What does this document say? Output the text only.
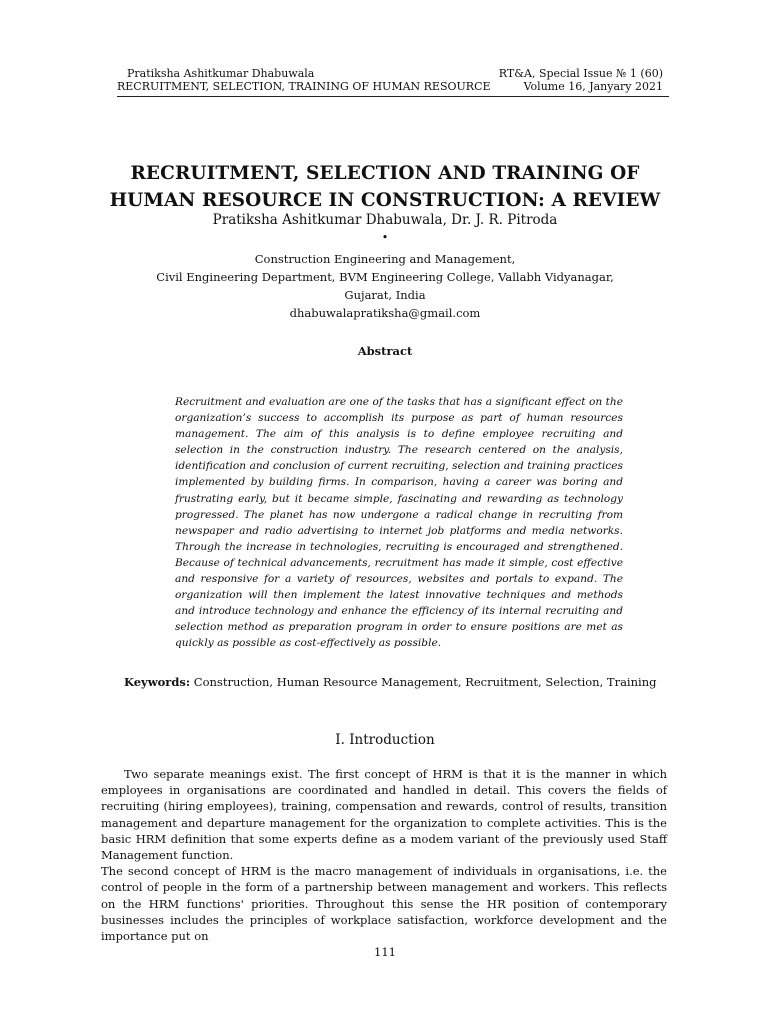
Pratiksha Ashitkumar Dhabuwala
RECRUITMENT, SELECTION, TRAINING OF HUMAN RESOURCE
RT&A, Special Issue № 1 (60)
Volume 16, Janyary 2021
RECRUITMENT, SELECTION AND TRAINING OF
HUMAN RESOURCE IN CONSTRUCTION: A REVIEW
Pratiksha Ashitkumar Dhabuwala, Dr. J. R. Pitroda
•
Construction Engineering and Management,
Civil Engineering Department, BVM Engineering College, Vallabh Vidyanagar,
Gujarat, India
dhabuwalapratiksha@gmail.com
Abstract
Recruitment and evaluation are one of the tasks that has a significant effect on the organization’s success to accomplish its purpose as part of human resources management. The aim of this analysis is to define employee recruiting and selection in the construction industry. The research centered on the analysis, identification and conclusion of current recruiting, selection and training practices implemented by building firms. In comparison, having a career was boring and frustrating early, but it became simple, fascinating and rewarding as technology progressed. The planet has now undergone a radical change in recruiting from newspaper and radio advertising to internet job platforms and media networks. Through the increase in technologies, recruiting is encouraged and strengthened. Because of technical advancements, recruitment has made it simple, cost effective and responsive for a variety of resources, websites and portals to expand. The organization will then implement the latest innovative techniques and methods and introduce technology and enhance the efficiency of its internal recruiting and selection method as preparation program in order to ensure positions are met as quickly as possible as cost-effectively as possible.
Keywords: Construction, Human Resource Management, Recruitment, Selection, Training
I. Introduction

Two separate meanings exist. The first concept of HRM is that it is the manner in which employees in organisations are coordinated and handled in detail. This covers the fields of recruiting (hiring employees), training, compensation and rewards, control of results, transition management and departure management for the organization to complete activities. This is the basic HRM definition that some experts define as a modem variant of the previously used Staff Management function.

The second concept of HRM is the macro management of individuals in organisations, i.e. the control of people in the form of a partnership between management and workers. This reflects on the HRM functions' priorities. Throughout this sense the HR position of contemporary businesses includes the principles of workplace satisfaction, workforce development and the importance put on

111
